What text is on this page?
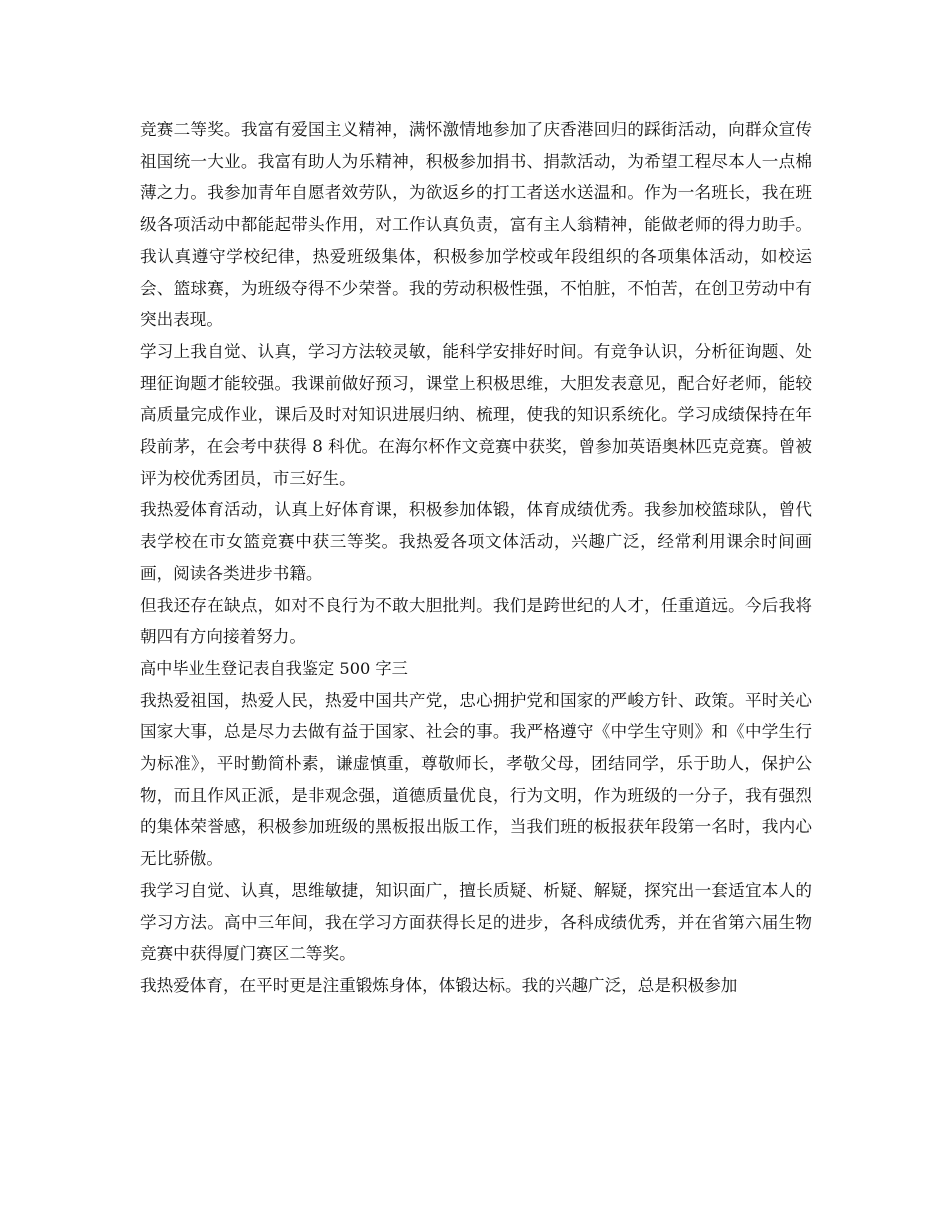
竞赛二等奖。我富有爱国主义精神，满怀激情地参加了庆香港回归的踩街活动，向群众宣传祖国统一大业。我富有助人为乐精神，积极参加捐书、捐款活动，为希望工程尽本人一点棉薄之力。我参加青年自愿者效劳队，为欲返乡的打工者送水送温和。作为一名班长，我在班级各项活动中都能起带头作用，对工作认真负责，富有主人翁精神，能做老师的得力助手。我认真遵守学校纪律，热爱班级集体，积极参加学校或年段组织的各项集体活动，如校运会、篮球赛，为班级夺得不少荣誉。我的劳动积极性强，不怕脏，不怕苦，在创卫劳动中有突出表现。

学习上我自觉、认真，学习方法较灵敏，能科学安排好时间。有竞争认识，分析征询题、处理征询题才能较强。我课前做好预习，课堂上积极思维，大胆发表意见，配合好老师，能较高质量完成作业，课后及时对知识进展归纳、梳理，使我的知识系统化。学习成绩保持在年段前茅，在会考中获得 8 科优。在海尔杯作文竞赛中获奖，曾参加英语奥林匹克竞赛。曾被评为校优秀团员，市三好生。

我热爱体育活动，认真上好体育课，积极参加体锻，体育成绩优秀。我参加校篮球队，曾代表学校在市女篮竞赛中获三等奖。我热爱各项文体活动，兴趣广泛，经常利用课余时间画画，阅读各类进步书籍。

但我还存在缺点，如对不良行为不敢大胆批判。我们是跨世纪的人才，任重道远。今后我将朝四有方向接着努力。

高中毕业生登记表自我鉴定 500 字三

我热爱祖国，热爱人民，热爱中国共产党，忠心拥护党和国家的严峻方针、政策。平时关心国家大事，总是尽力去做有益于国家、社会的事。我严格遵守《中学生守则》和《中学生行为标准》，平时勤简朴素，谦虚慎重，尊敬师长，孝敬父母，团结同学，乐于助人，保护公物，而且作风正派，是非观念强，道德质量优良，行为文明，作为班级的一分子，我有强烈的集体荣誉感，积极参加班级的黑板报出版工作，当我们班的板报获年段第一名时，我内心无比骄傲。

我学习自觉、认真，思维敏捷，知识面广，擅长质疑、析疑、解疑，探究出一套适宜本人的学习方法。高中三年间，我在学习方面获得长足的进步，各科成绩优秀，并在省第六届生物竞赛中获得厦门赛区二等奖。

我热爱体育，在平时更是注重锻炼身体，体锻达标。我的兴趣广泛，总是积极参加
